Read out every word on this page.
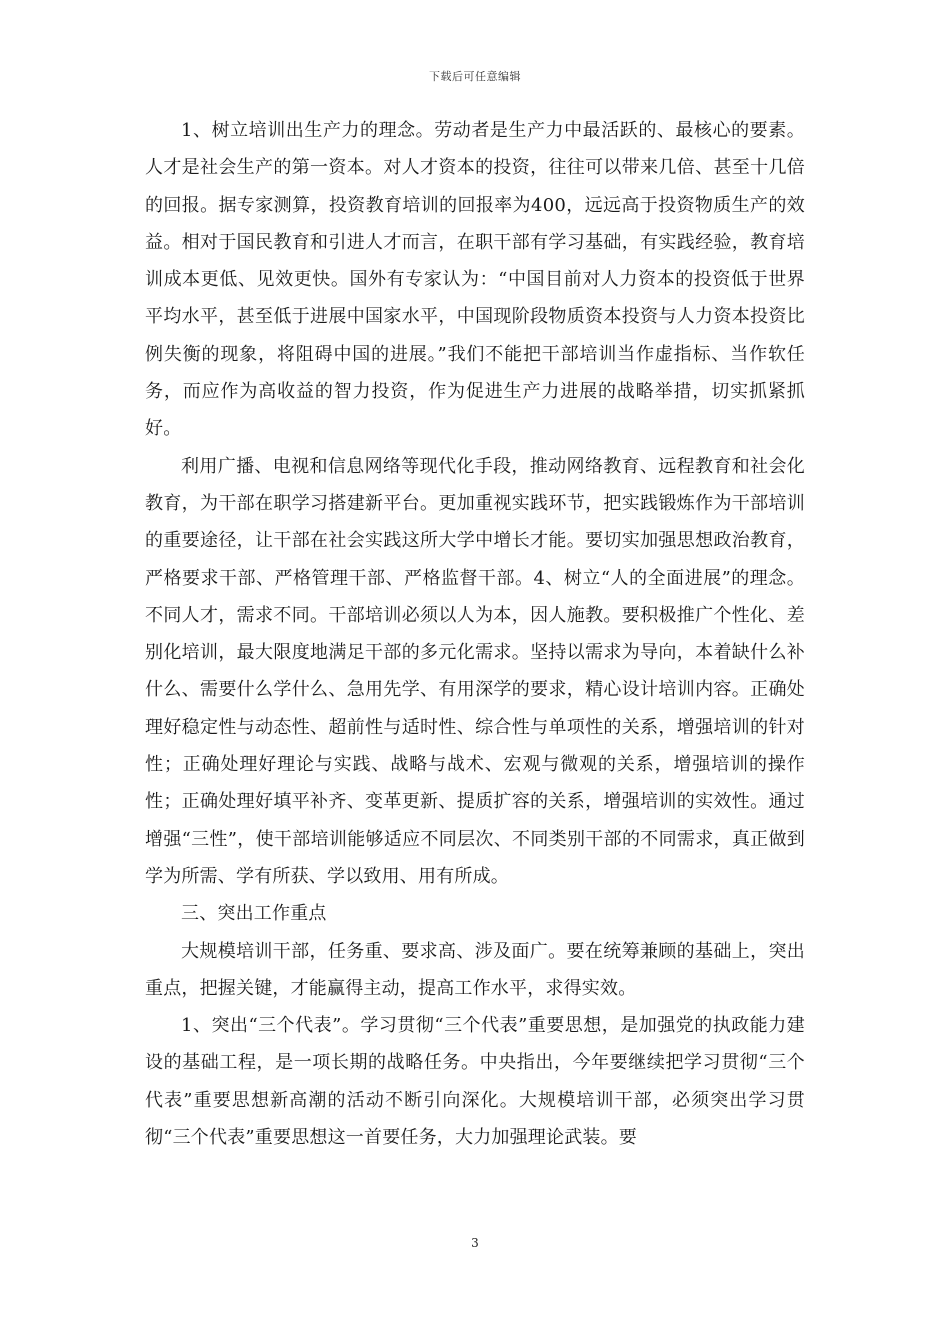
下载后可任意编辑

1、树立培训出生产力的理念。劳动者是生产力中最活跃的、最核心的要素。人才是社会生产的第一资本。对人才资本的投资，往往可以带来几倍、甚至十几倍的回报。据专家测算，投资教育培训的回报率为400，远远高于投资物质生产的效益。相对于国民教育和引进人才而言，在职干部有学习基础，有实践经验，教育培训成本更低、见效更快。国外有专家认为：“中国目前对人力资本的投资低于世界平均水平，甚至低于进展中国家水平，中国现阶段物质资本投资与人力资本投资比例失衡的现象，将阻碍中国的进展。”我们不能把干部培训当作虚指标、当作软任务，而应作为高收益的智力投资，作为促进生产力进展的战略举措，切实抓紧抓好。

利用广播、电视和信息网络等现代化手段，推动网络教育、远程教育和社会化教育，为干部在职学习搭建新平台。更加重视实践环节，把实践锻炼作为干部培训的重要途径，让干部在社会实践这所大学中增长才能。要切实加强思想政治教育，严格要求干部、严格管理干部、严格监督干部。4、树立“人的全面进展”的理念。不同人才，需求不同。干部培训必须以人为本，因人施教。要积极推广个性化、差别化培训，最大限度地满足干部的多元化需求。坚持以需求为导向，本着缺什么补什么、需要什么学什么、急用先学、有用深学的要求，精心设计培训内容。正确处理好稳定性与动态性、超前性与适时性、综合性与单项性的关系，增强培训的针对性；正确处理好理论与实践、战略与战术、宏观与微观的关系，增强培训的操作性；正确处理好填平补齐、变革更新、提质扩容的关系，增强培训的实效性。通过增强“三性”，使干部培训能够适应不同层次、不同类别干部的不同需求，真正做到学为所需、学有所获、学以致用、用有所成。

三、突出工作重点

大规模培训干部，任务重、要求高、涉及面广。要在统筹兼顾的基础上，突出重点，把握关键，才能赢得主动，提高工作水平，求得实效。

1、突出“三个代表”。学习贯彻“三个代表”重要思想，是加强党的执政能力建设的基础工程，是一项长期的战略任务。中央指出，今年要继续把学习贯彻“三个代表”重要思想新高潮的活动不断引向深化。大规模培训干部，必须突出学习贯彻“三个代表”重要思想这一首要任务，大力加强理论武装。要

3
